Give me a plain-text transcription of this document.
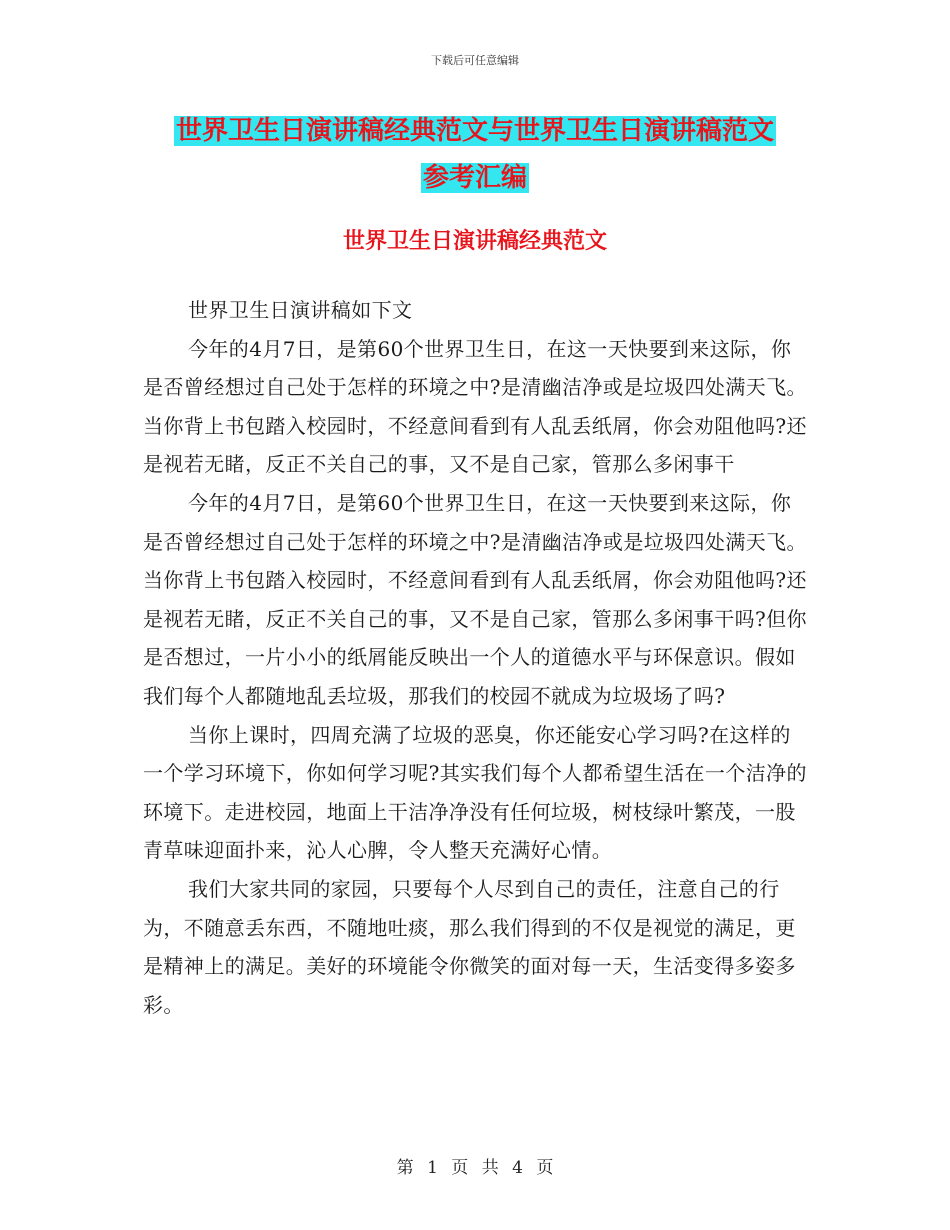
下载后可任意编辑
世界卫生日演讲稿经典范文与世界卫生日演讲稿范文
参考汇编
世界卫生日演讲稿经典范文

世界卫生日演讲稿如下文

今年的4月7日，是第60个世界卫生日，在这一天快要到来这际，你是否曾经想过自己处于怎样的环境之中?是清幽洁净或是垃圾四处满天飞。当你背上书包踏入校园时，不经意间看到有人乱丢纸屑，你会劝阻他吗?还是视若无睹，反正不关自己的事，又不是自己家，管那么多闲事干

今年的4月7日，是第60个世界卫生日，在这一天快要到来这际，你是否曾经想过自己处于怎样的环境之中?是清幽洁净或是垃圾四处满天飞。当你背上书包踏入校园时，不经意间看到有人乱丢纸屑，你会劝阻他吗?还是视若无睹，反正不关自己的事，又不是自己家，管那么多闲事干吗?但你是否想过，一片小小的纸屑能反映出一个人的道德水平与环保意识。假如我们每个人都随地乱丢垃圾，那我们的校园不就成为垃圾场了吗?

当你上课时，四周充满了垃圾的恶臭，你还能安心学习吗?在这样的一个学习环境下，你如何学习呢?其实我们每个人都希望生活在一个洁净的环境下。走进校园，地面上干洁净净没有任何垃圾，树枝绿叶繁茂，一股青草味迎面扑来，沁人心脾，令人整天充满好心情。

我们大家共同的家园，只要每个人尽到自己的责任，注意自己的行为，不随意丢东西，不随地吐痰，那么我们得到的不仅是视觉的满足，更是精神上的满足。美好的环境能令你微笑的面对每一天，生活变得多姿多彩。

第 1 页 共 4 页
